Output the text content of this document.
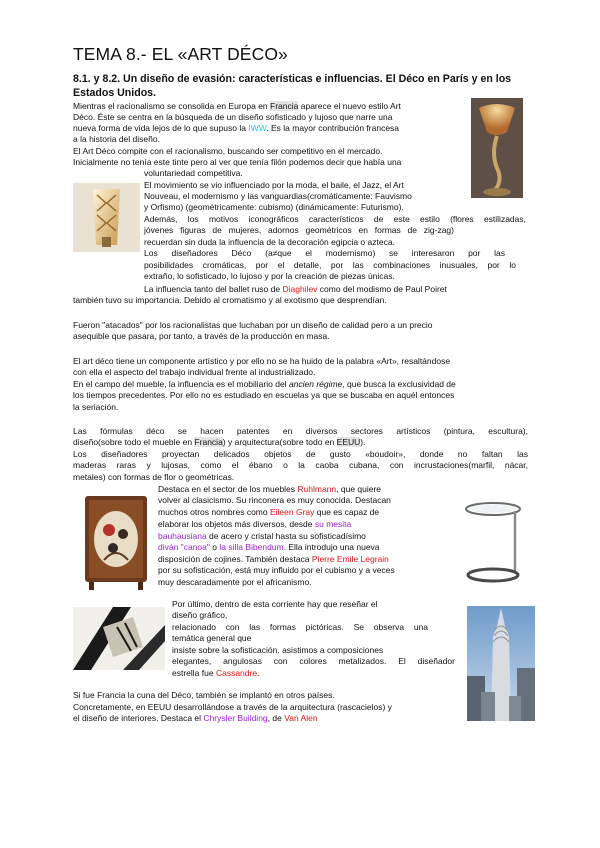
TEMA 8.- EL «ART DÉCO»
8.1. y 8.2. Un diseño de evasión: características e influencias. El Déco en París y en los Estados Unidos.
Mientras el racionalismo se consolida en Europa en Francia aparece el nuevo estilo Art
Déco. Éste se centra en la búsqueda de un diseño sofisticado y lujoso que narre una
nueva forma de vida lejos de lo que supuso la IWW. Es la mayor contribución francesa
a la historia del diseño.
El Art Déco compite con el racionalismo, buscando ser competitivo en el mercado.
Inicialmente no tenía este tinte pero al ver que tenía filón podemos decir que había una
voluntariedad competitiva.
El movimiento se vio influenciado por la moda, el baile, el Jazz, el Art
Nouveau, el modernismo y las vanguardias(cromáticamente: Fauvismo
y Orfismo) (geométricamente: cubismo) (dinámicamente: Futurismo).
Además, los motivos iconográficos característicos de este estilo (flores estilizadas,
jóvenes figuras de mujeres, adornos geométricos en formas de zig-zag)
recuerdan sin duda la influencia de la decoración egipcia o azteca.
Los diseñadores Déco (a≠que el modernismo) se interesaron por las
posibilidades cromáticas, por el detalle, por las combinaciones inusuales, por lo
extraño, lo sofisticado, lo lujoso y por la creación de piezas únicas.
La influencia tanto del ballet ruso de Diaghilev como del modismo de Paul Poiret
también tuvo su importancia. Debido al cromatismo y al exotismo que desprendían.
Fueron "atacados" por los racionalistas que luchaban por un diseño de calidad pero a un precio
asequible que pasara, por tanto, a través de la producción en masa.
El art déco tiene un componente artístico y por ello no se ha huido de la palabra «Art», resaltándose
con ella el aspecto del trabajo individual frente al industrializado.
En el campo del mueble, la influencia es el mobiliario del ancien régime, que busca la exclusividad de
los tiempos precedentes. Por ello no es estudiado en escuelas ya que se buscaba en aquél entonces
la seriación.
Las fórmulas déco se hacen patentes en diversos sectores artísticos (pintura, escultura),
diseño(sobre todo el mueble en Francia) y arquitectura(sobre todo en EEUU).
Los diseñadores proyectan delicados objetos de gusto «boudoir», donde no faltan las
maderas raras y lujosas, como el ébano o la caoba cubana, con incrustaciones(marfil, nácar,
metales) con formas de flor o geométricas.
Destaca en el sector de los muebles Ruhlmann, que quiere
volver al clasicismo. Su rinconera es muy conocida. Destacan
muchos otros nombres como Eileen Gray que es capaz de
elaborar los objetos más diversos, desde su mesita
bauhausiana de acero y cristal hasta su sofisticadísimo
diván "canoa" o la silla Bibendum. Ella introdujo una nueva
disposición de cojines. También destaca Pierre Emile Legrain
por su sofisticación, está muy influido por el cubismo y a veces
muy descaradamente por el africanismo.
Por último, dentro de esta corriente hay que reseñar el
diseño gráfico,
relacionado con las formas pictóricas. Se observa una
temática general que
insiste sobre la sofisticación. asistimos a composiciones
elegantes, angulosas con colores metalizados. El diseñador
estrella fue Cassandre.
Si fue Francia la cuna del Déco, también se implantó en otros países.
Concretamente, en EEUU desarrollándose a través de la arquitectura (rascacielos) y
el diseño de interiores. Destaca el Chrysler Building, de Van Alen
